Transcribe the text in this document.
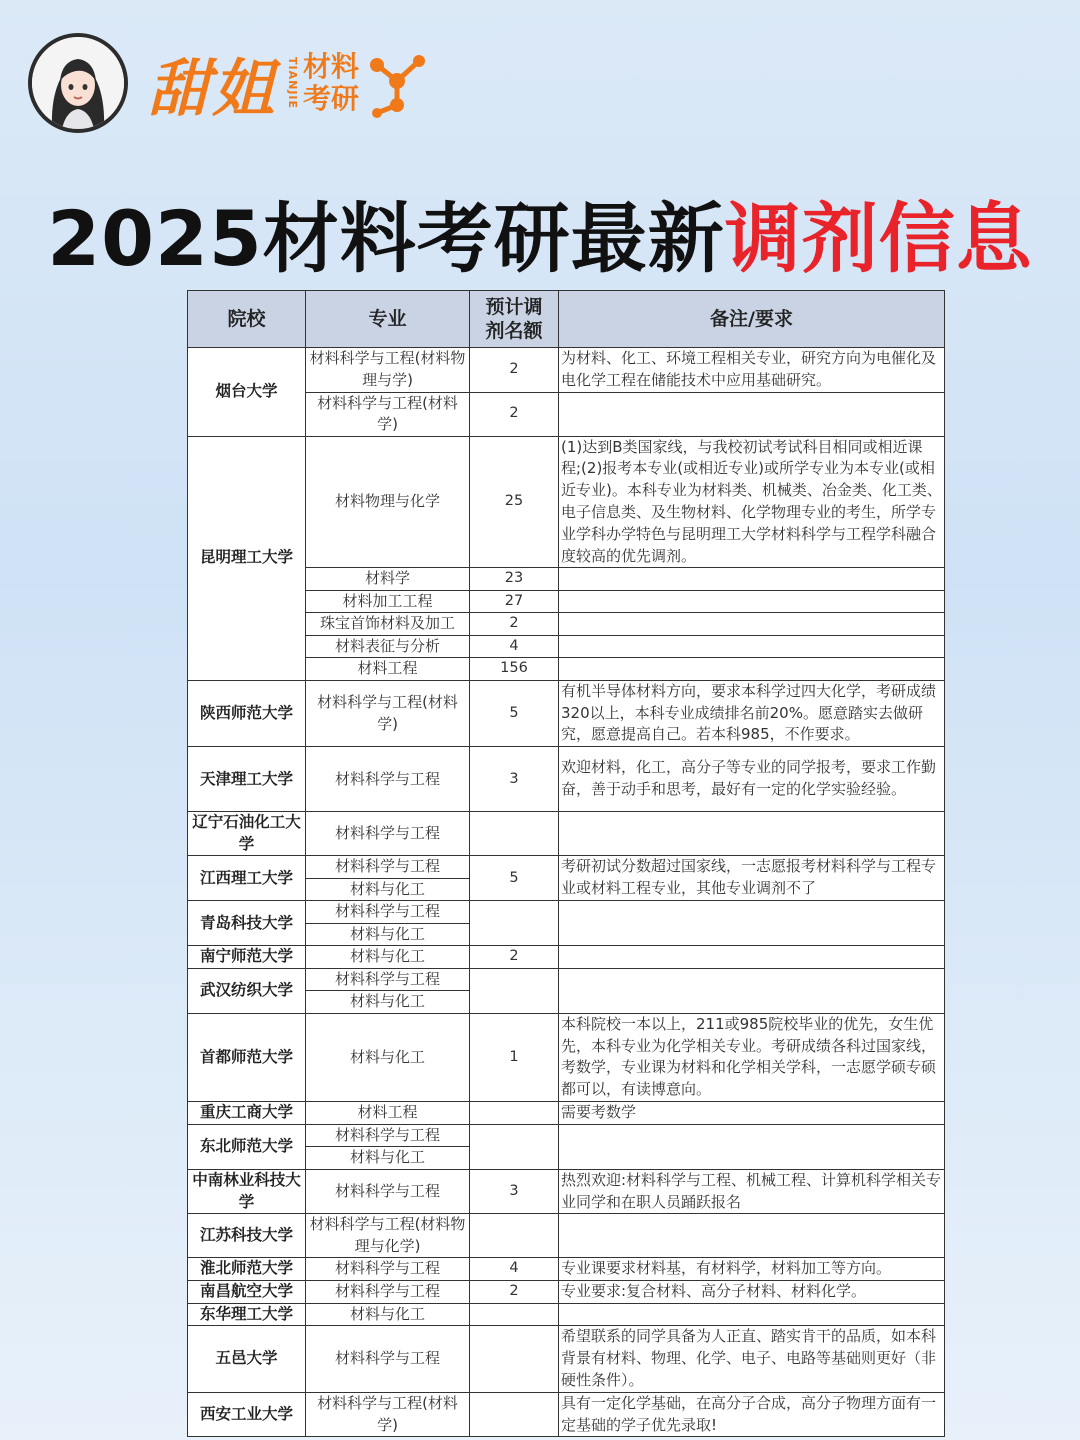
甜姐 TIANJIE 材料
考研
2025材料考研最新调剂信息
院校	专业	预计调剂名额	备注/要求
烟台大学	材料科学与工程(材料物理与学)	2	为材料、化工、环境工程相关专业，研究方向为电催化及电化学工程在储能技术中应用基础研究。
	材料科学与工程(材料学)	2	
昆明理工大学	材料物理与化学	25	(1)达到B类国家线，与我校初试考试科目相同或相近课程;(2)报考本专业(或相近专业)或所学专业为本专业(或相近专业)。本科专业为材料类、机械类、冶金类、化工类、电子信息类、及生物材料、化学物理专业的考生，所学专业学科办学特色与昆明理工大学材料科学与工程学科融合度较高的优先调剂。
	材料学	23	
	材料加工工程	27	
	珠宝首饰材料及加工	2	
	材料表征与分析	4	
	材料工程	156	
陕西师范大学	材料科学与工程(材料学)	5	有机半导体材料方向，要求本科学过四大化学，考研成绩320以上，本科专业成绩排名前20%。愿意踏实去做研究，愿意提高自己。若本科985，不作要求。
天津理工大学	材料科学与工程	3	欢迎材料，化工，高分子等专业的同学报考，要求工作勤奋，善于动手和思考，最好有一定的化学实验经验。
辽宁石油化工大学	材料科学与工程		
江西理工大学	材料科学与工程	5	考研初试分数超过国家线，一志愿报考材料科学与工程专业或材料工程专业，其他专业调剂不了
	材料与化工		
青岛科技大学	材料科学与工程		
	材料与化工		
南宁师范大学	材料与化工	2	
武汉纺织大学	材料科学与工程		
	材料与化工		
首都师范大学	材料与化工	1	本科院校一本以上，211或985院校毕业的优先，女生优先，本科专业为化学相关专业。考研成绩各科过国家线，考数学，专业课为材料和化学相关学科，一志愿学硕专硕都可以，有读博意向。
重庆工商大学	材料工程		需要考数学
东北师范大学	材料科学与工程		
	材料与化工		
中南林业科技大学	材料科学与工程	3	热烈欢迎:材料科学与工程、机械工程、计算机科学相关专业同学和在职人员踊跃报名
江苏科技大学	材料科学与工程(材料物理与化学)		
淮北师范大学	材料科学与工程	4	专业课要求材料基，有材料学，材料加工等方向。
南昌航空大学	材料科学与工程	2	专业要求:复合材料、高分子材料、材料化学。
东华理工大学	材料与化工		
五邑大学	材料科学与工程		希望联系的同学具备为人正直、踏实肯干的品质，如本科背景有材料、物理、化学、电子、电路等基础则更好（非硬性条件）。
西安工业大学	材料科学与工程(材料学)		具有一定化学基础，在高分子合成，高分子物理方面有一定基础的学子优先录取!
